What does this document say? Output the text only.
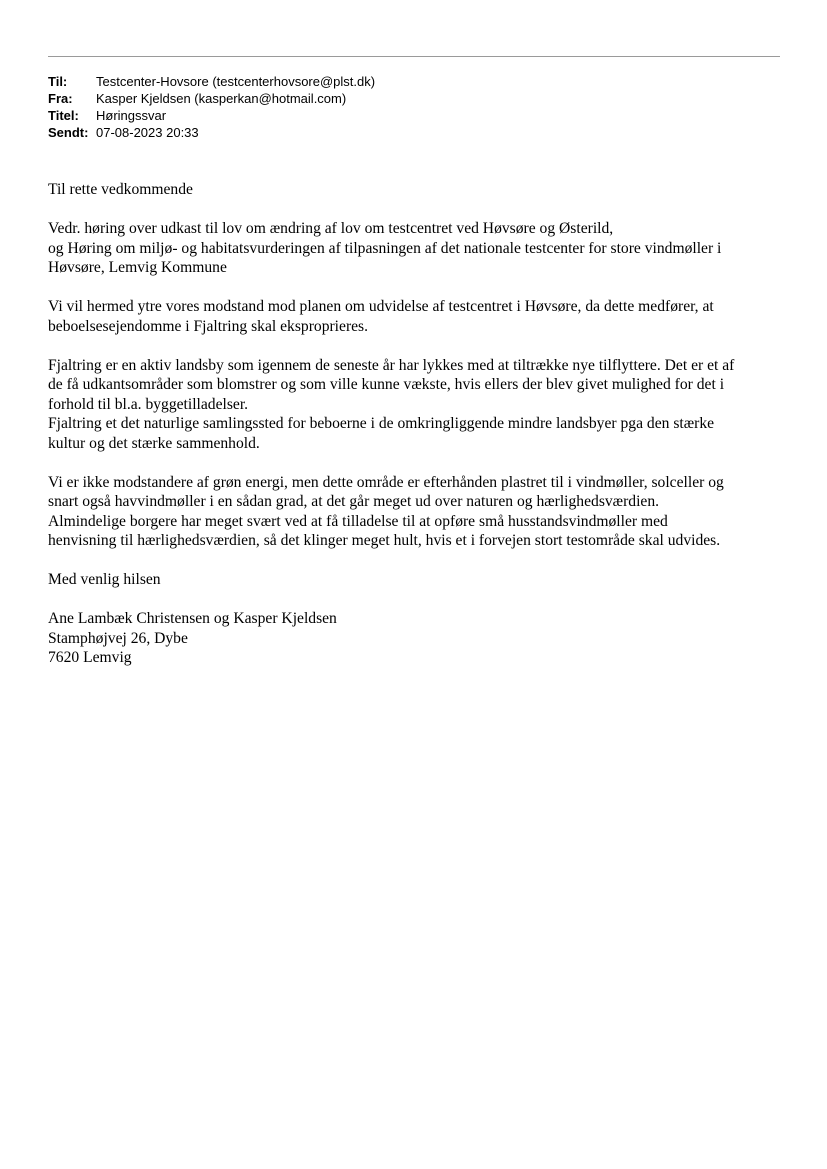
Til:	Testcenter-Hovsore (testcenterhovsore@plst.dk)
Fra:	Kasper Kjeldsen (kasperkan@hotmail.com)
Titel:	Høringssvar
Sendt: 07-08-2023 20:33

Til rette vedkommende

Vedr. høring over udkast til lov om ændring af lov om testcentret ved Høvsøre og Østerild,
og Høring om miljø- og habitatsvurderingen af tilpasningen af det nationale testcenter for store vindmøller i
Høvsøre, Lemvig Kommune

Vi vil hermed ytre vores modstand mod planen om udvidelse af testcentret i Høvsøre, da dette medfører, at
beboelsesejendomme i Fjaltring skal eksproprieres.

Fjaltring er en aktiv landsby som igennem de seneste år har lykkes med at tiltrække nye tilflyttere. Det er et af
de få udkantsområder som blomstrer og som ville kunne vækste, hvis ellers der blev givet mulighed for det i
forhold til bl.a. byggetilladelser.
Fjaltring et det naturlige samlingssted for beboerne i de omkringliggende mindre landsbyer pga den stærke
kultur og det stærke sammenhold.

Vi er ikke modstandere af grøn energi, men dette område er efterhånden plastret til i vindmøller, solceller og
snart også havvindmøller i en sådan grad, at det går meget ud over naturen og hærlighedsværdien.
Almindelige borgere har meget svært ved at få tilladelse til at opføre små husstandsvindmøller med
henvisning til hærlighedsværdien, så det klinger meget hult, hvis et i forvejen stort testområde skal udvides.

Med venlig hilsen

Ane Lambæk Christensen og Kasper Kjeldsen
Stamphøjvej 26, Dybe
7620 Lemvig
